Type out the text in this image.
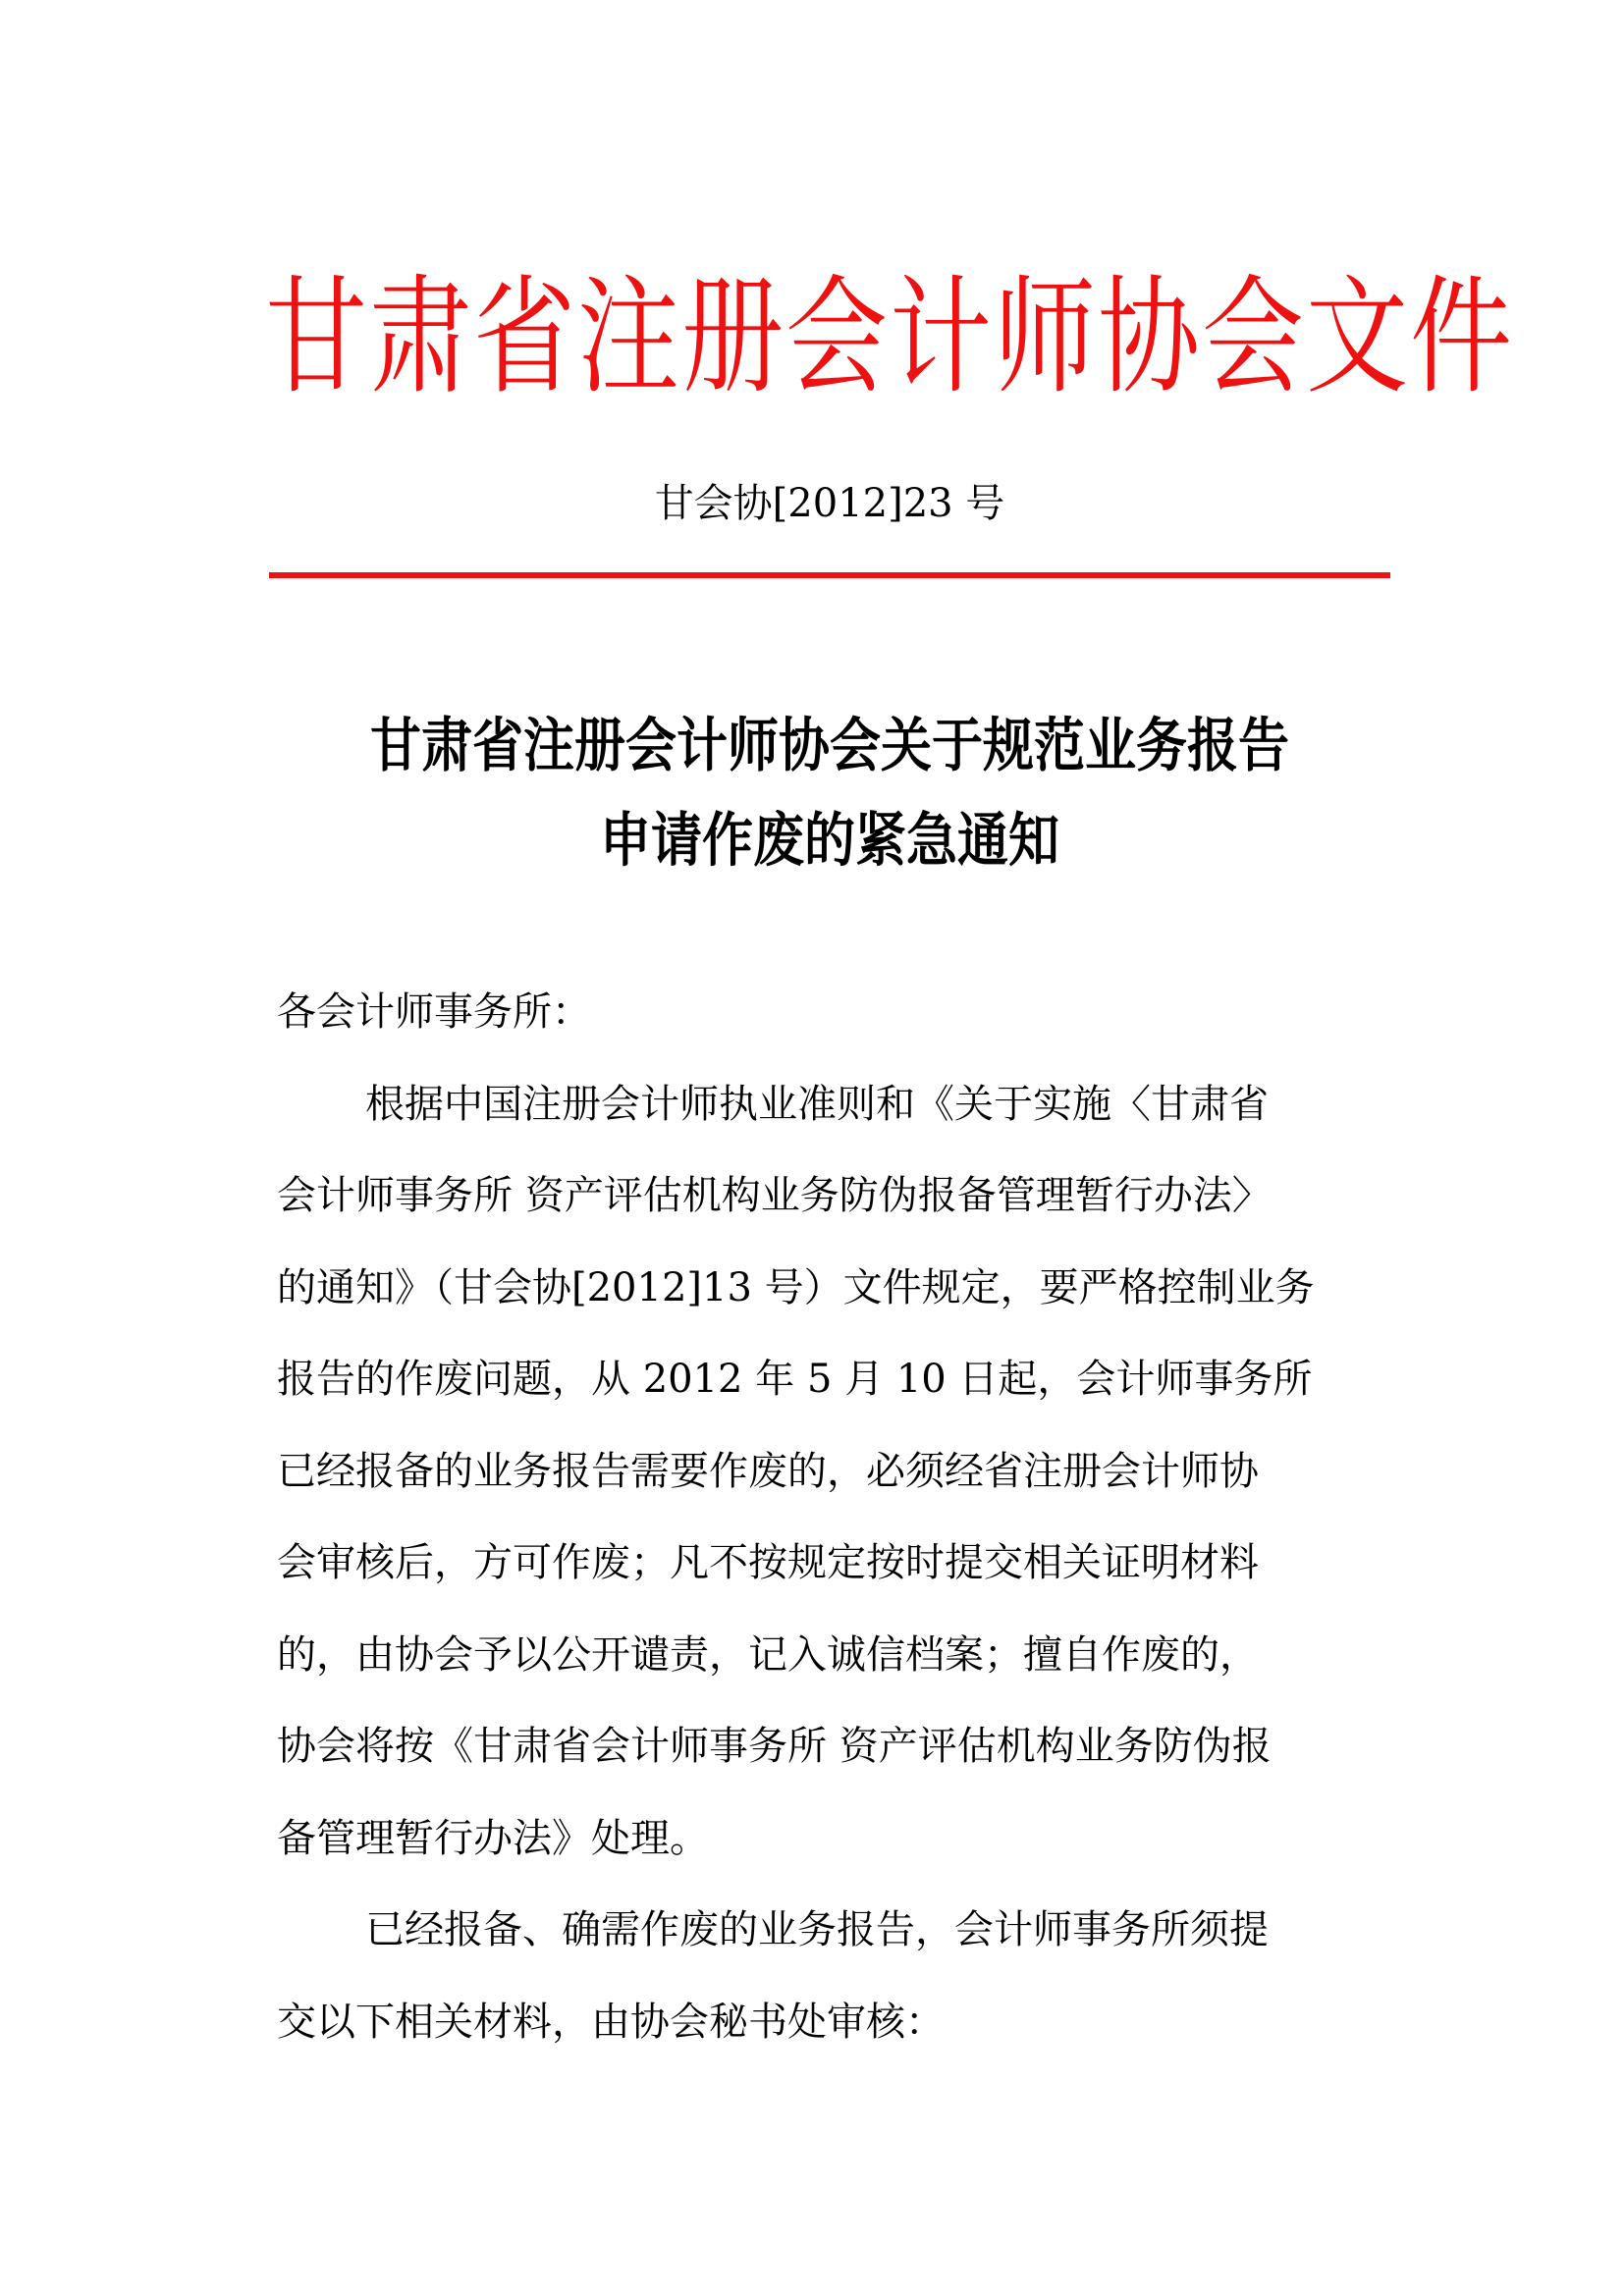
甘肃省注册会计师协会文件
甘会协[2012]23 号
甘肃省注册会计师协会关于规范业务报告
申请作废的紧急通知
各会计师事务所：
根据中国注册会计师执业准则和《关于实施〈甘肃省
会计师事务所 资产评估机构业务防伪报备管理暂行办法〉
的通知》（甘会协[2012]13 号）文件规定，要严格控制业务
报告的作废问题，从 2012 年 5 月 10 日起，会计师事务所
已经报备的业务报告需要作废的，必须经省注册会计师协
会审核后，方可作废；凡不按规定按时提交相关证明材料
的，由协会予以公开谴责，记入诚信档案；擅自作废的，
协会将按《甘肃省会计师事务所 资产评估机构业务防伪报
备管理暂行办法》处理。
已经报备、确需作废的业务报告，会计师事务所须提
交以下相关材料，由协会秘书处审核：
